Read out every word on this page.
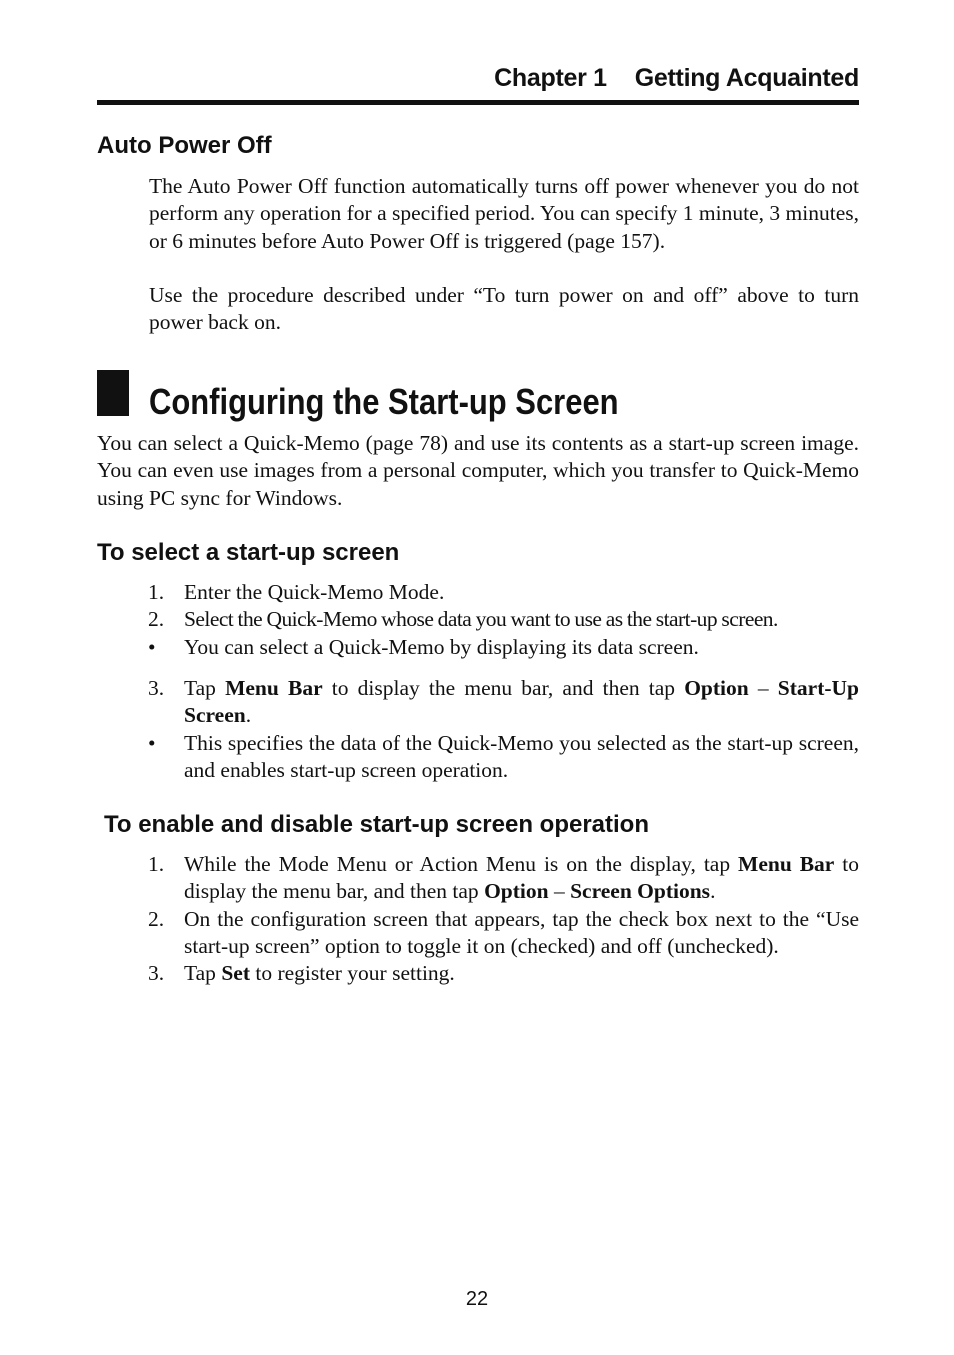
Chapter 1 Getting Acquainted
Auto Power Off

The Auto Power Off function automatically turns off power whenever you do not perform any operation for a specified period. You can specify 1 minute, 3 minutes, or 6 minutes before Auto Power Off is triggered (page 157).

Use the procedure described under “To turn power on and off” above to turn power back on.

Configuring the Start-up Screen

You can select a Quick-Memo (page 78) and use its contents as a start-up screen image. You can even use images from a personal computer, which you transfer to Quick-Memo using PC sync for Windows.

To select a start-up screen
1. Enter the Quick-Memo Mode.
2. Select the Quick-Memo whose data you want to use as the start-up screen.
• You can select a Quick-Memo by displaying its data screen.
3. Tap Menu Bar to display the menu bar, and then tap Option – Start-Up Screen.
• This specifies the data of the Quick-Memo you selected as the start-up screen, and enables start-up screen operation.
To enable and disable start-up screen operation
1. While the Mode Menu or Action Menu is on the display, tap Menu Bar to display the menu bar, and then tap Option – Screen Options.
2. On the configuration screen that appears, tap the check box next to the “Use start-up screen” option to toggle it on (checked) and off (unchecked).
3. Tap Set to register your setting.
22
